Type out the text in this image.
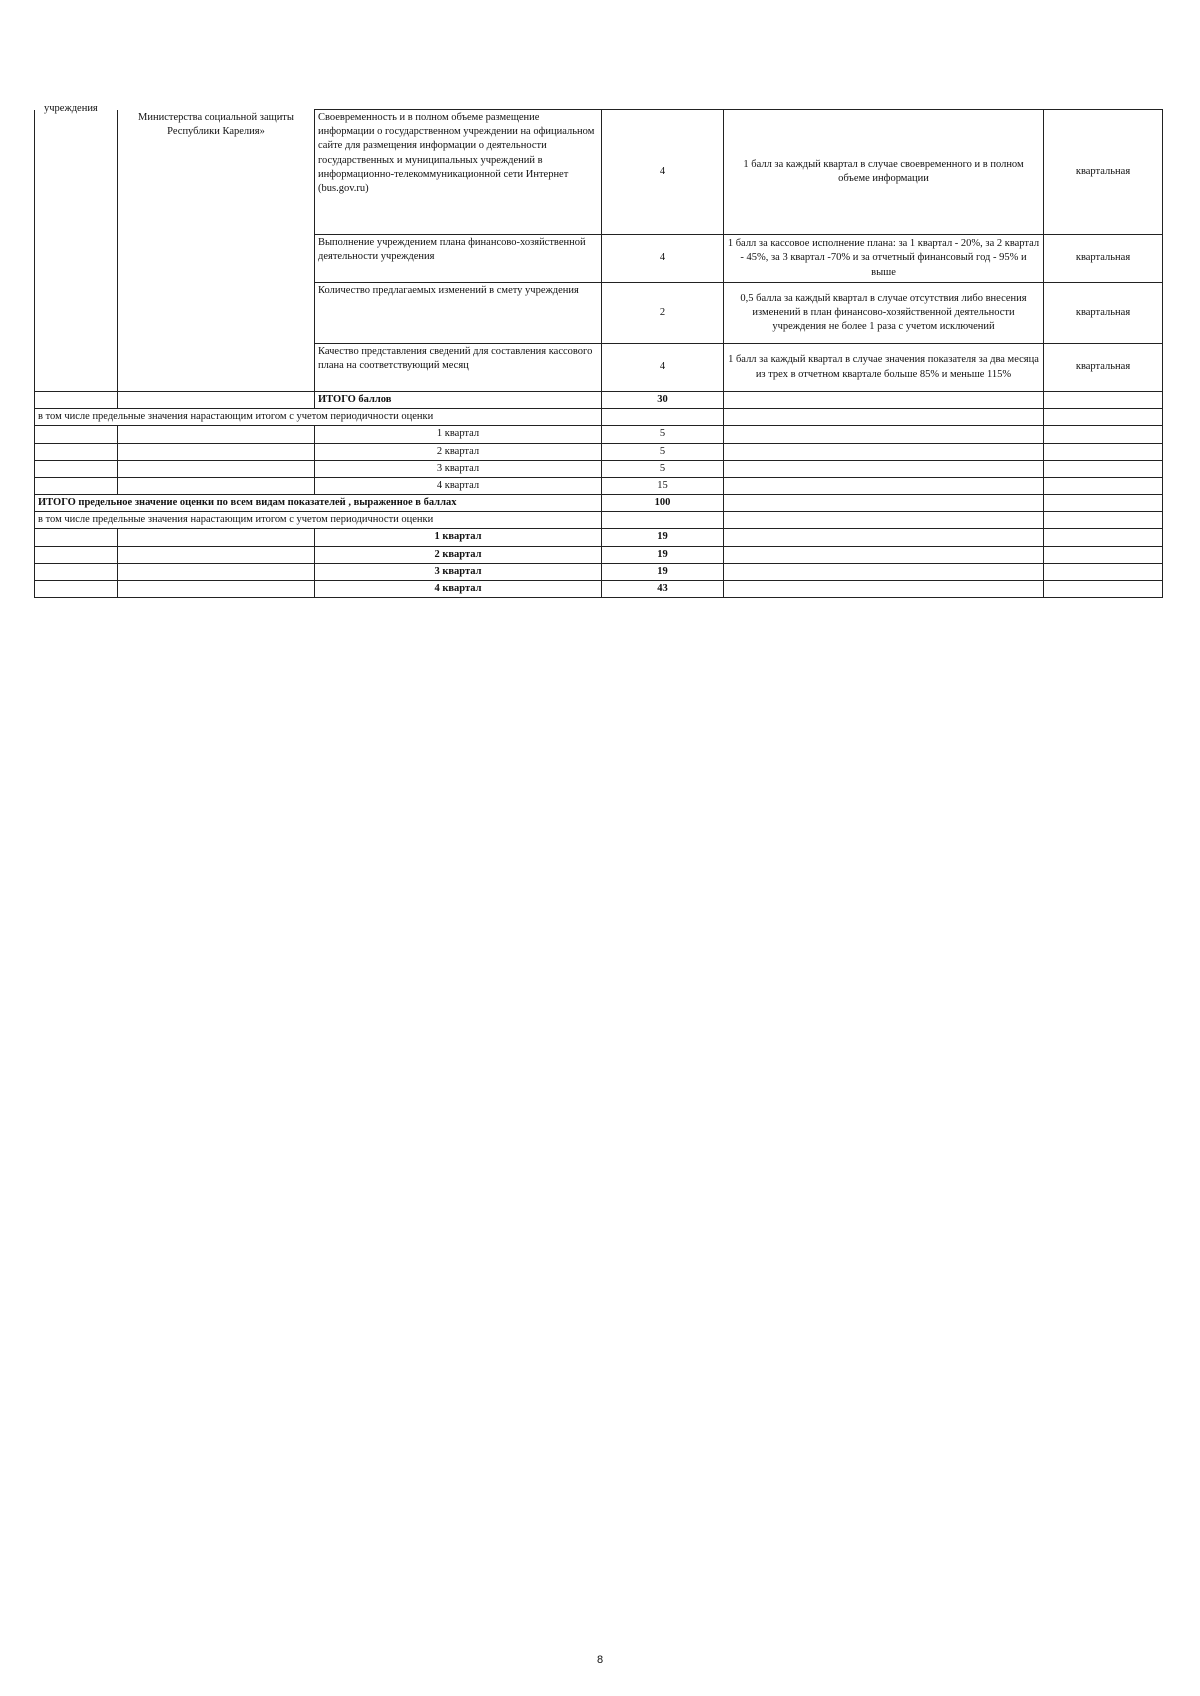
учреждения
	Министерства социальной защиты Республики Карелия»	Своевременность и в полном объеме размещение информации о государственном учреждении на официальном сайте для размещения информации о деятельности государственных и муниципальных учреждений в информационно-телекоммуникационной сети Интернет (bus.gov.ru)	4	1 балл за каждый квартал в случае своевременного и в полном объеме информации	квартальная
		Выполнение учреждением плана финансово-хозяйственной деятельности учреждения	4	1 балл за кассовое исполнение плана: за 1 квартал - 20%, за 2 квартал - 45%, за 3 квартал -70% и за отчетный финансовый год - 95% и выше	квартальная
		Количество предлагаемых изменений в смету учреждения	2	0,5 балла за каждый квартал в случае отсутствия либо внесения изменений в план финансово-хозяйственной деятельности учреждения не более 1 раза с учетом исключений	квартальная
		Качество представления сведений для составления кассового плана на соответствующий месяц	4	1 балл за каждый квартал в случае значения показателя за два месяца из трех в отчетном квартале больше 85% и меньше 115%	квартальная
		ИТОГО баллов	30		
в том числе предельные значения нарастающим итогом с учетом периодичности оценки					
		1 квартал	5		
		2 квартал	5		
		3 квартал	5		
		4 квартал	15		
ИТОГО предельное значение оценки по всем видам показателей , выраженное в баллах			100		
в том числе предельные значения нарастающим итогом с учетом периодичности оценки					
		1 квартал	19		
		2 квартал	19		
		3 квартал	19		
		4 квартал	43		
8
